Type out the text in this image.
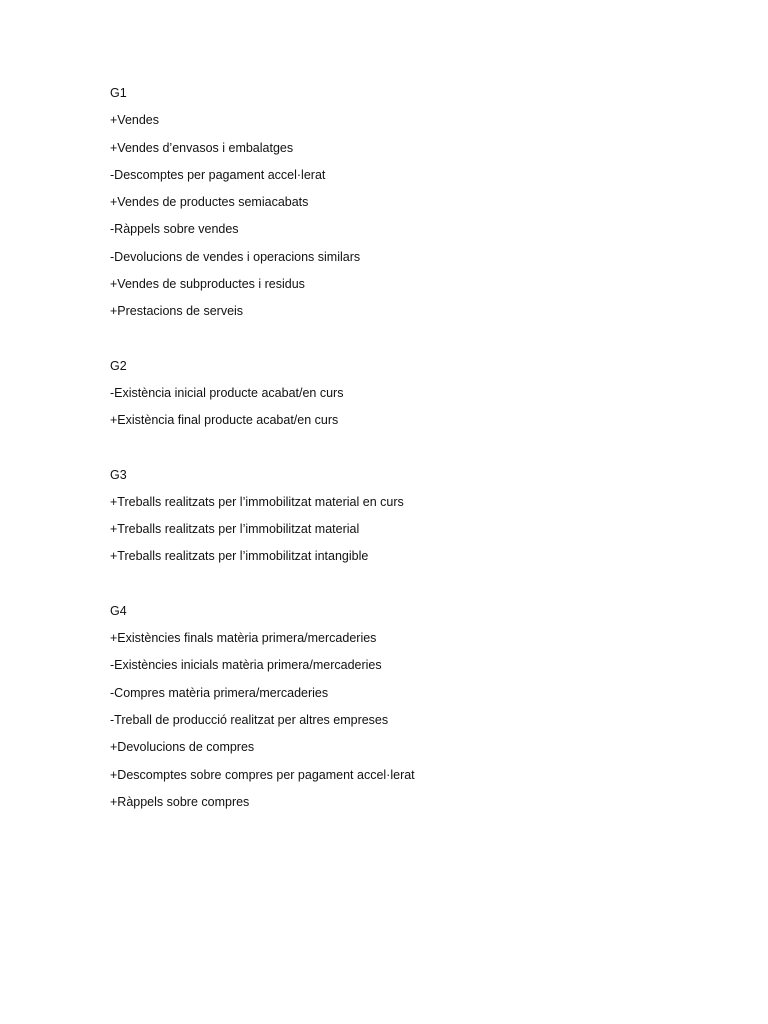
G1
+Vendes
+Vendes d’envasos i embalatges
-Descomptes per pagament accel·lerat
+Vendes de productes semiacabats
-Ràppels sobre vendes
-Devolucions de vendes i operacions similars
+Vendes de subproductes i residus
+Prestacions de serveis
G2
-Existència inicial producte acabat/en curs
+Existència final producte acabat/en curs
G3
+Treballs realitzats per l’immobilitzat material en curs
+Treballs realitzats per l’immobilitzat material
+Treballs realitzats per l’immobilitzat intangible
G4
+Existències finals matèria primera/mercaderies
-Existències inicials matèria primera/mercaderies
-Compres matèria primera/mercaderies
-Treball de producció realitzat per altres empreses
+Devolucions de compres
+Descomptes sobre compres per pagament accel·lerat
+Ràppels sobre compres
